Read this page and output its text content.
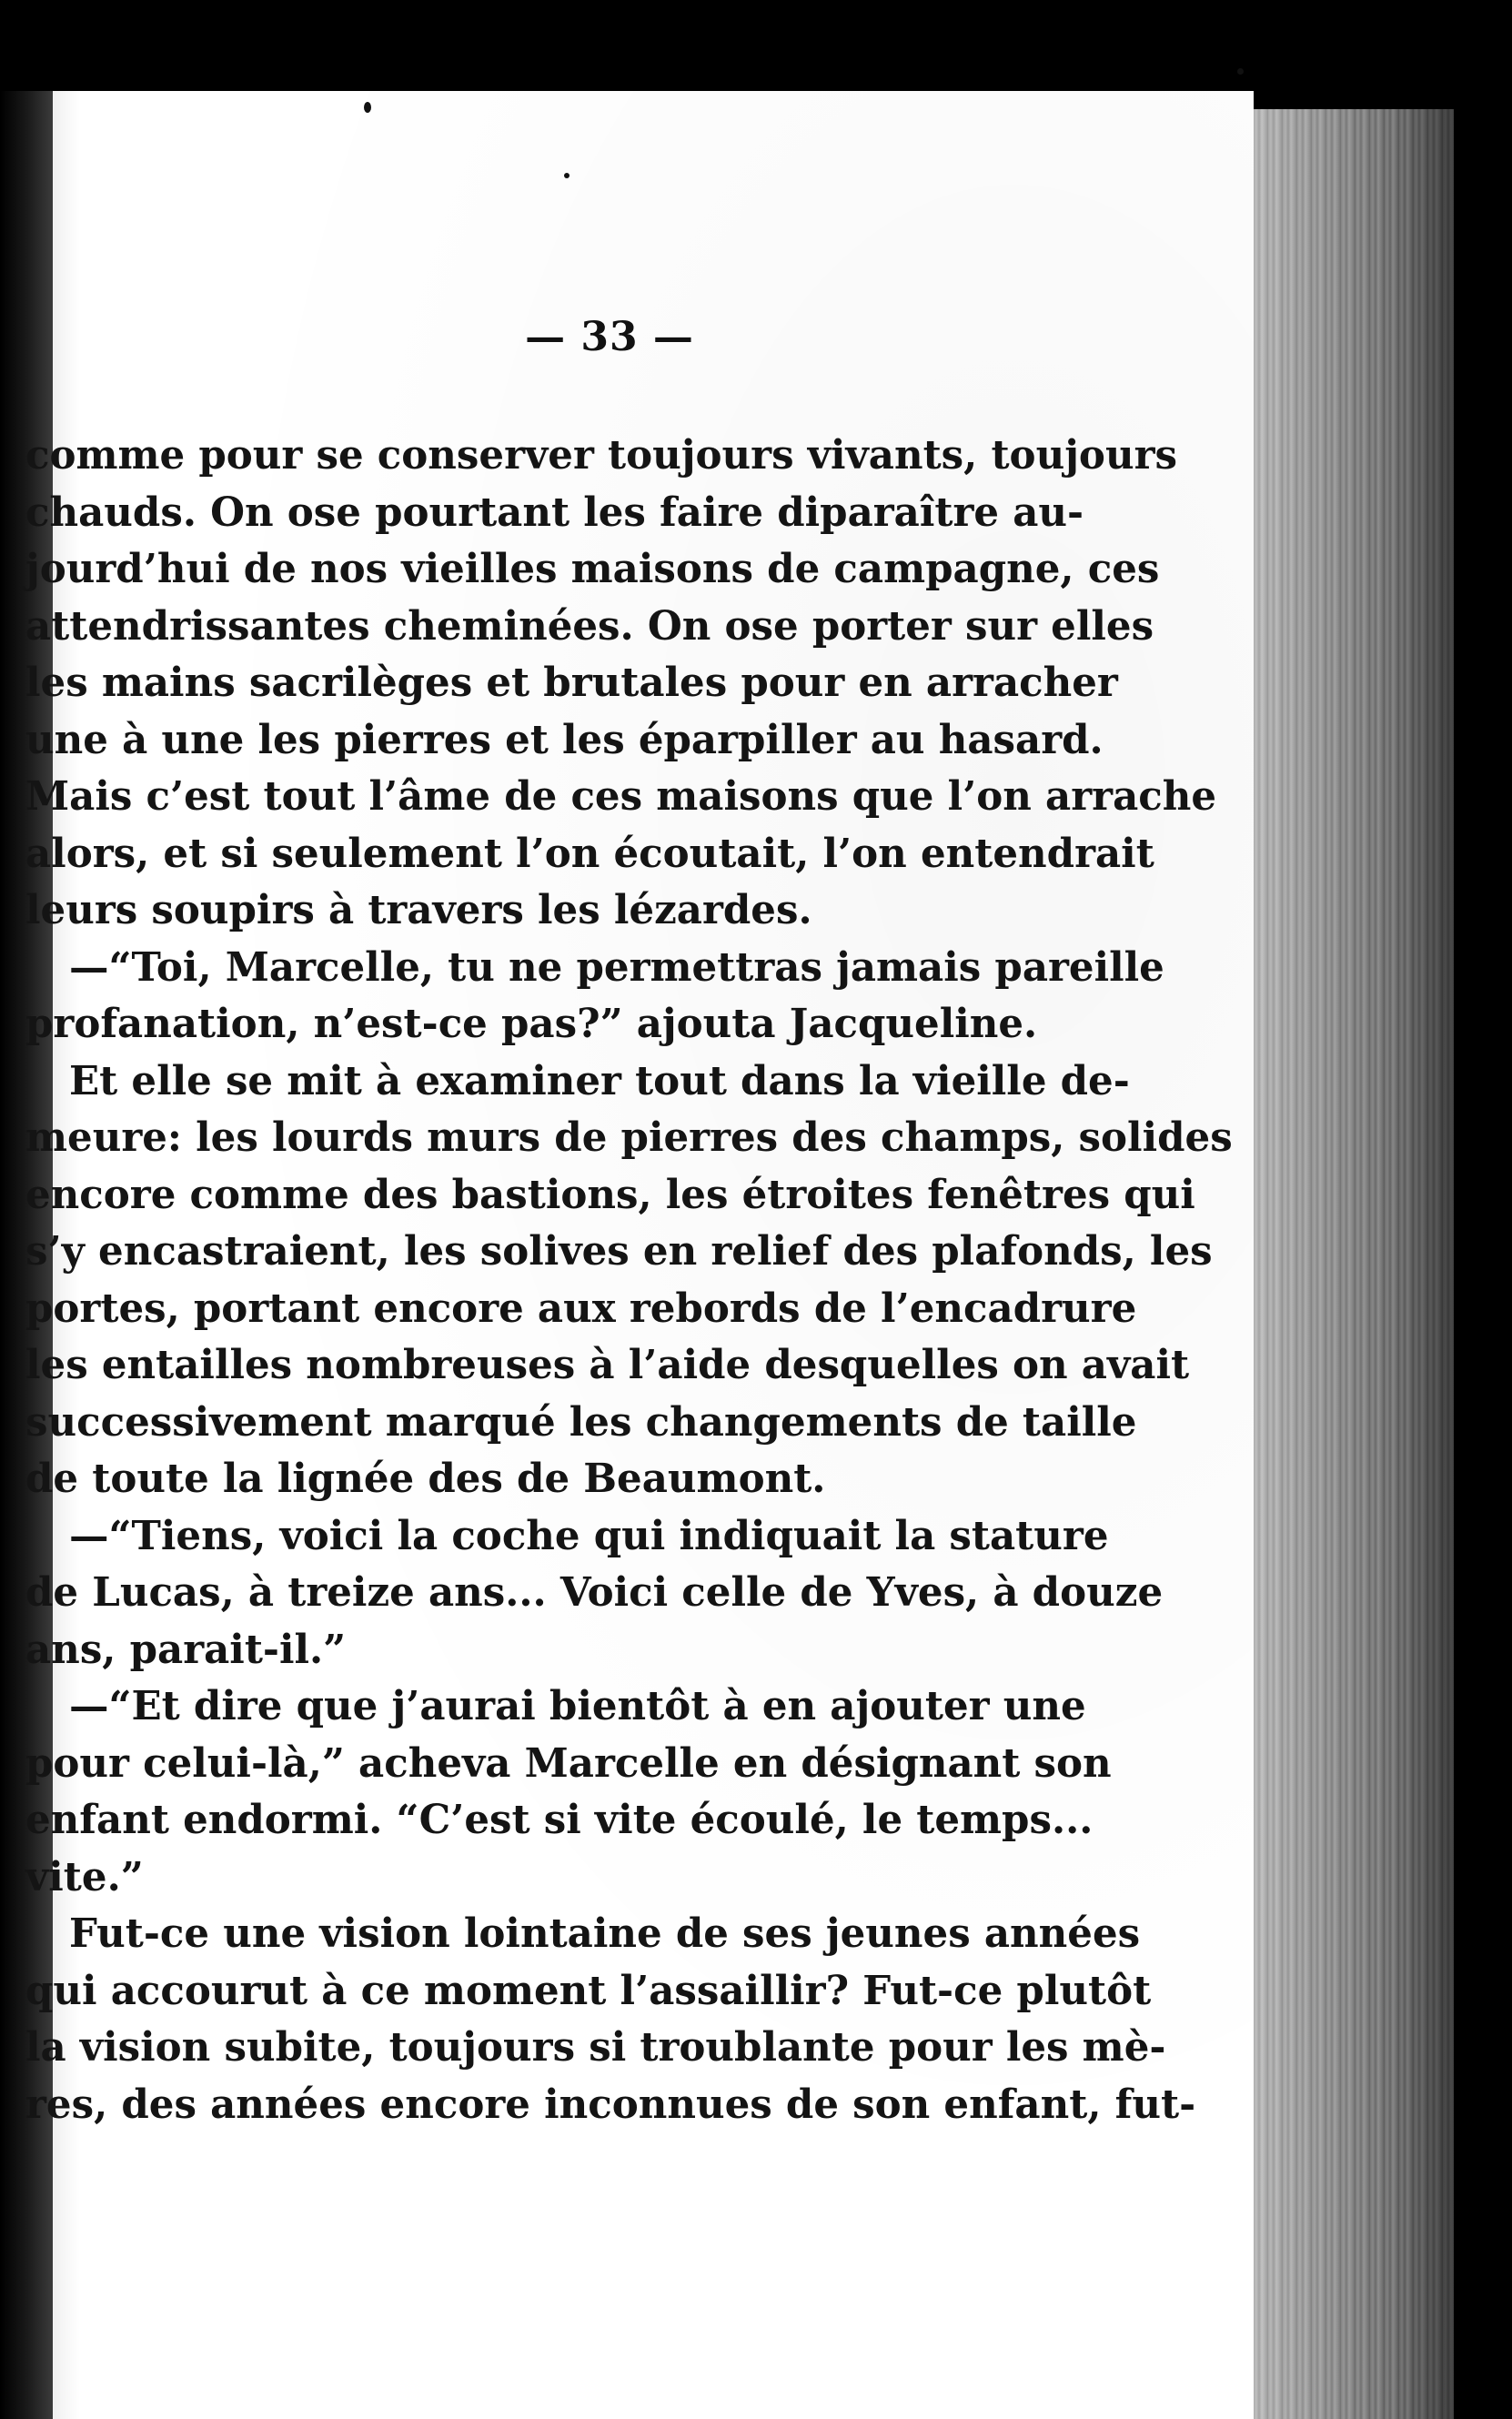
— 33 —
comme pour se conserver toujours vivants, toujours
chauds. On ose pourtant les faire diparaître au-
jourd’hui de nos vieilles maisons de campagne, ces
attendrissantes cheminées. On ose porter sur elles
les mains sacrilèges et brutales pour en arracher
une à une les pierres et les éparpiller au hasard.
Mais c’est tout l’âme de ces maisons que l’on arrache
alors, et si seulement l’on écoutait, l’on entendrait
leurs soupirs à travers les lézardes.
—“Toi, Marcelle, tu ne permettras jamais pareille
profanation, n’est-ce pas?” ajouta Jacqueline.
Et elle se mit à examiner tout dans la vieille de-
meure: les lourds murs de pierres des champs, solides
encore comme des bastions, les étroites fenêtres qui
s’y encastraient, les solives en relief des plafonds, les
portes, portant encore aux rebords de l’encadrure
les entailles nombreuses à l’aide desquelles on avait
successivement marqué les changements de taille
de toute la lignée des de Beaumont.
—“Tiens, voici la coche qui indiquait la stature
de Lucas, à treize ans... Voici celle de Yves, à douze
ans, parait-il.”
—“Et dire que j’aurai bientôt à en ajouter une
pour celui-là,” acheva Marcelle en désignant son
enfant endormi. “C’est si vite écoulé, le temps...
vite.”
Fut-ce une vision lointaine de ses jeunes années
qui accourut à ce moment l’assaillir? Fut-ce plutôt
la vision subite, toujours si troublante pour les mè-
res, des années encore inconnues de son enfant, fut-
